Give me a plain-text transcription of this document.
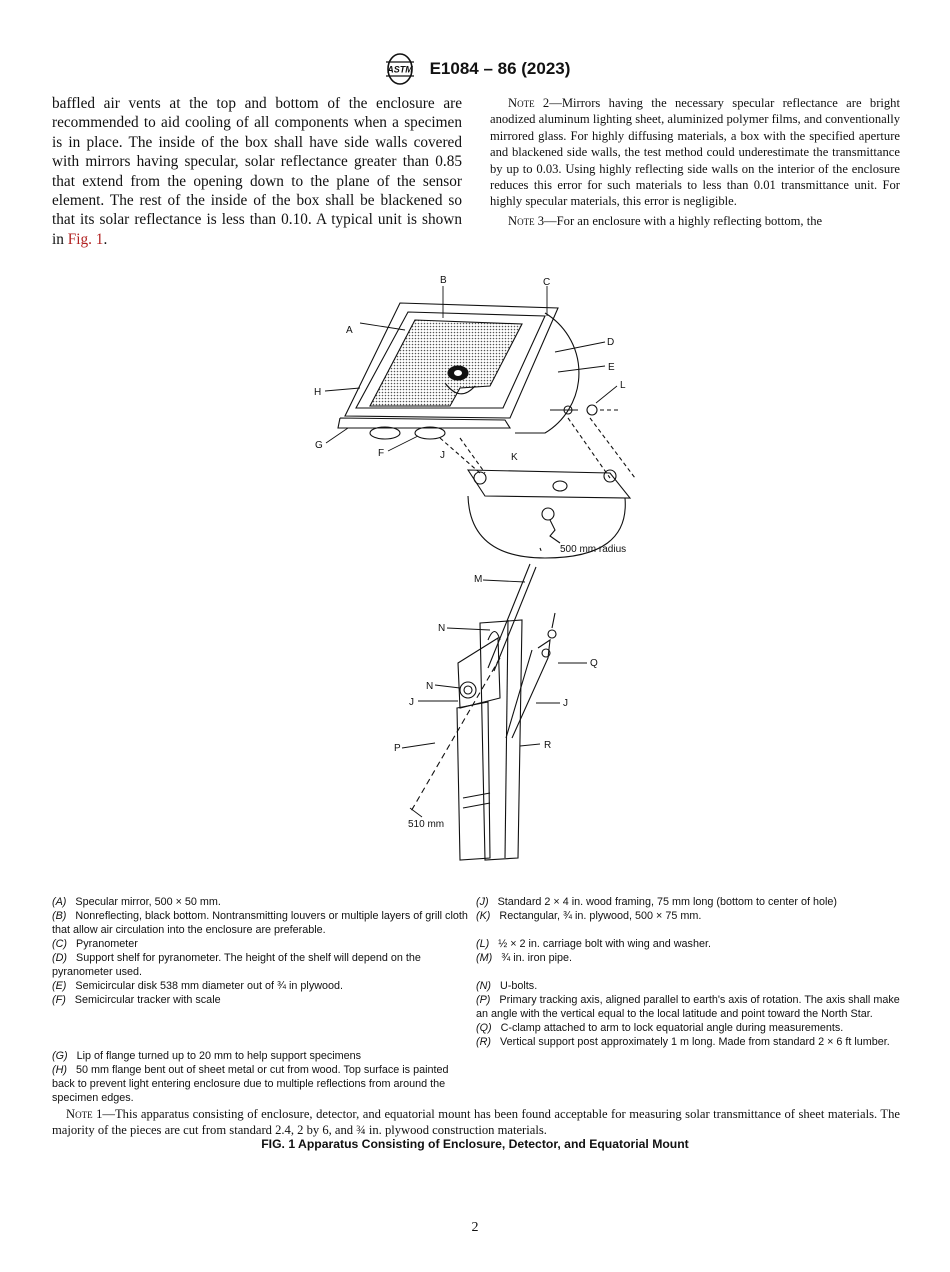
ASTM E1084 – 86 (2023)
baffled air vents at the top and bottom of the enclosure are recommended to aid cooling of all components when a specimen is in place. The inside of the box shall have side walls covered with mirrors having specular, solar reflectance greater than 0.85 that extend from the opening down to the plane of the sensor element. The rest of the inside of the box shall be blackened so that its solar reflectance is less than 0.10. A typical unit is shown in Fig. 1.

Note 2—Mirrors having the necessary specular reflectance are bright anodized aluminum lighting sheet, aluminized polymer films, and conventionally mirrored glass. For highly diffusing materials, a box with the specified aperture and blackened side walls, the test method could underestimate the transmittance by up to 0.03. Using highly reflecting side walls on the interior of the enclosure reduces this error for such materials to less than 0.01 transmittance unit. For highly specular materials, this error is negligible.

Note 3—For an enclosure with a highly reflecting bottom, the

A
B	C
D
E
F
G
H
J	K
L
M
N
N
J
Q
J
R
P
500 mm radius
510 mm

(A) Specular mirror, 500 × 50 mm.

(B) Nonreflecting, black bottom. Nontransmitting louvers or multiple layers of grill cloth that allow air circulation into the enclosure are preferable.

(C) Pyranometer

(D) Support shelf for pyranometer. The height of the shelf will depend on the pyranometer used.

(E) Semicircular disk 538 mm diameter out of ¾ in plywood.

(F) Semicircular tracker with scale

(G) Lip of flange turned up to 20 mm to help support specimens

(H) 50 mm flange bent out of sheet metal or cut from wood. Top surface is painted back to prevent light entering enclosure due to multiple reflections from around the specimen edges.

(J) Standard 2 × 4 in. wood framing, 75 mm long (bottom to center of hole)

(K) Rectangular, ¾ in. plywood, 500 × 75 mm.

(L) ½ × 2 in. carriage bolt with wing and washer.

(M) ¾ in. iron pipe.

(N) U-bolts.

(P) Primary tracking axis, aligned parallel to earth's axis of rotation. The axis shall make an angle with the vertical equal to the local latitude and point toward the North Star.

(Q) C-clamp attached to arm to lock equatorial angle during measurements.

(R) Vertical support post approximately 1 m long. Made from standard 2 × 6 ft lumber.

Note 1—This apparatus consisting of enclosure, detector, and equatorial mount has been found acceptable for measuring solar transmittance of sheet materials. The majority of the pieces are cut from standard 2.4, 2 by 6, and ¾ in. plywood construction materials.
FIG. 1 Apparatus Consisting of Enclosure, Detector, and Equatorial Mount
2
